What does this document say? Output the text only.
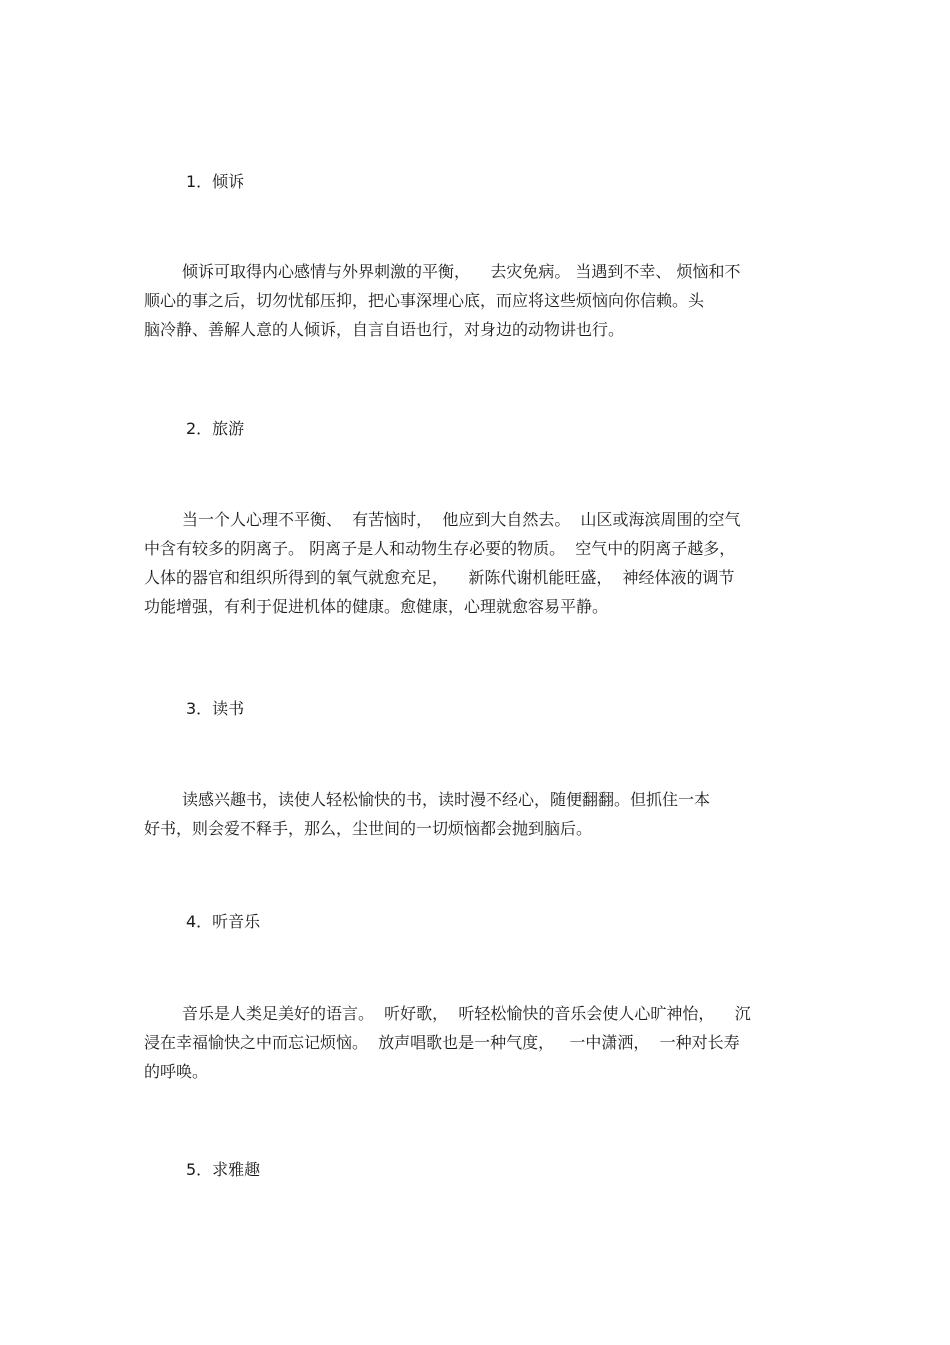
1．倾诉
倾诉可取得内心感情与外界刺激的平衡，    去灾免病。 当遇到不幸、 烦恼和不
顺心的事之后，切勿忧郁压抑，把心事深埋心底，而应将这些烦恼向你信赖。头
脑冷静、善解人意的人倾诉，自言自语也行，对身边的动物讲也行。
2．旅游
当一个人心理不平衡、  有苦恼时，  他应到大自然去。  山区或海滨周围的空气
中含有较多的阴离子。 阴离子是人和动物生存必要的物质。  空气中的阴离子越多，
人体的器官和组织所得到的氧气就愈充足，    新陈代谢机能旺盛，  神经体液的调节
功能增强，有利于促进机体的健康。愈健康，心理就愈容易平静。
3．读书
读感兴趣书，读使人轻松愉快的书，读时漫不经心，随便翻翻。但抓住一本
好书，则会爱不释手，那么，尘世间的一切烦恼都会抛到脑后。
4．听音乐
音乐是人类足美好的语言。  听好歌，  听轻松愉快的音乐会使人心旷神怡，    沉
浸在幸福愉快之中而忘记烦恼。  放声唱歌也是一种气度，   一中潇洒，  一种对长寿
的呼唤。
5．求雅趣
